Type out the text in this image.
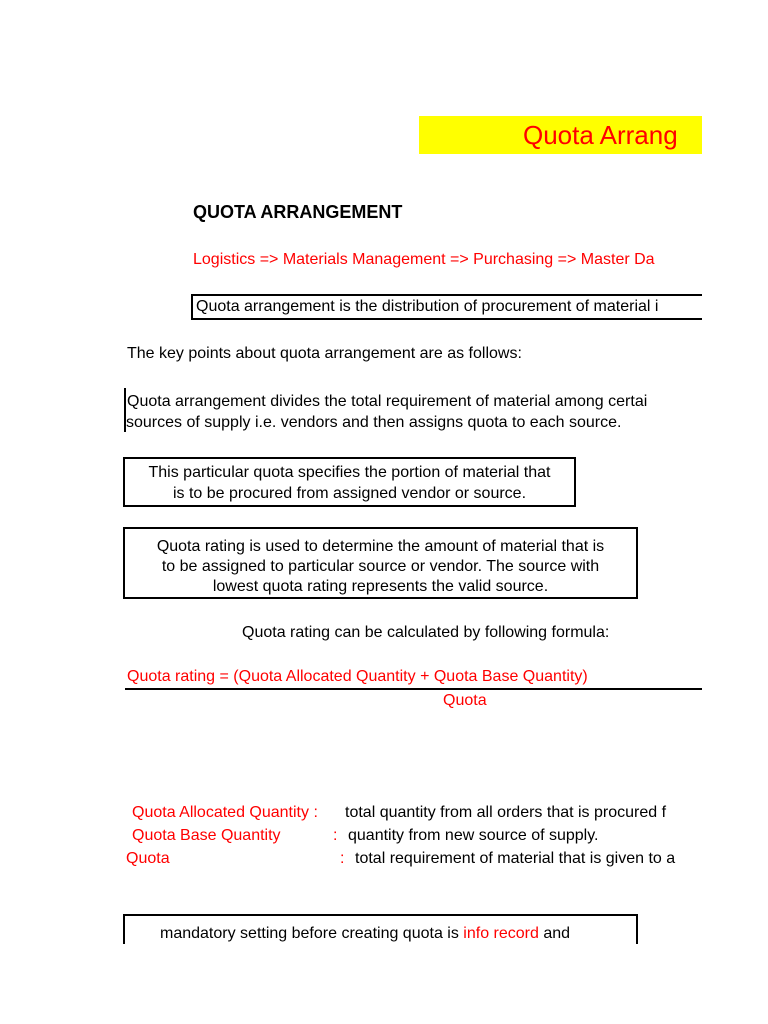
Quota Arrang
QUOTA ARRANGEMENT
Logistics => Materials Management => Purchasing => Master Da
Quota arrangement is the distribution of procurement of material i
The key points about quota arrangement are as follows:
Quota arrangement divides the total requirement of material among certai
sources of supply i.e. vendors and then assigns quota to each source.
This particular quota specifies the portion of material that
is to be procured from assigned vendor or source.
Quota rating is used to determine the amount of material that is
to be assigned to particular source or vendor. The source with
lowest quota rating represents the valid source.
Quota rating can be calculated by following formula:
Quota rating = (Quota Allocated Quantity + Quota Base Quantity)
Quota
Quota Allocated Quantity : total quantity from all orders that is procured f
Quota Base Quantity	: quantity from new source of supply.
Quota	: total requirement of material that is given to a
mandatory setting before creating quota is info record and
